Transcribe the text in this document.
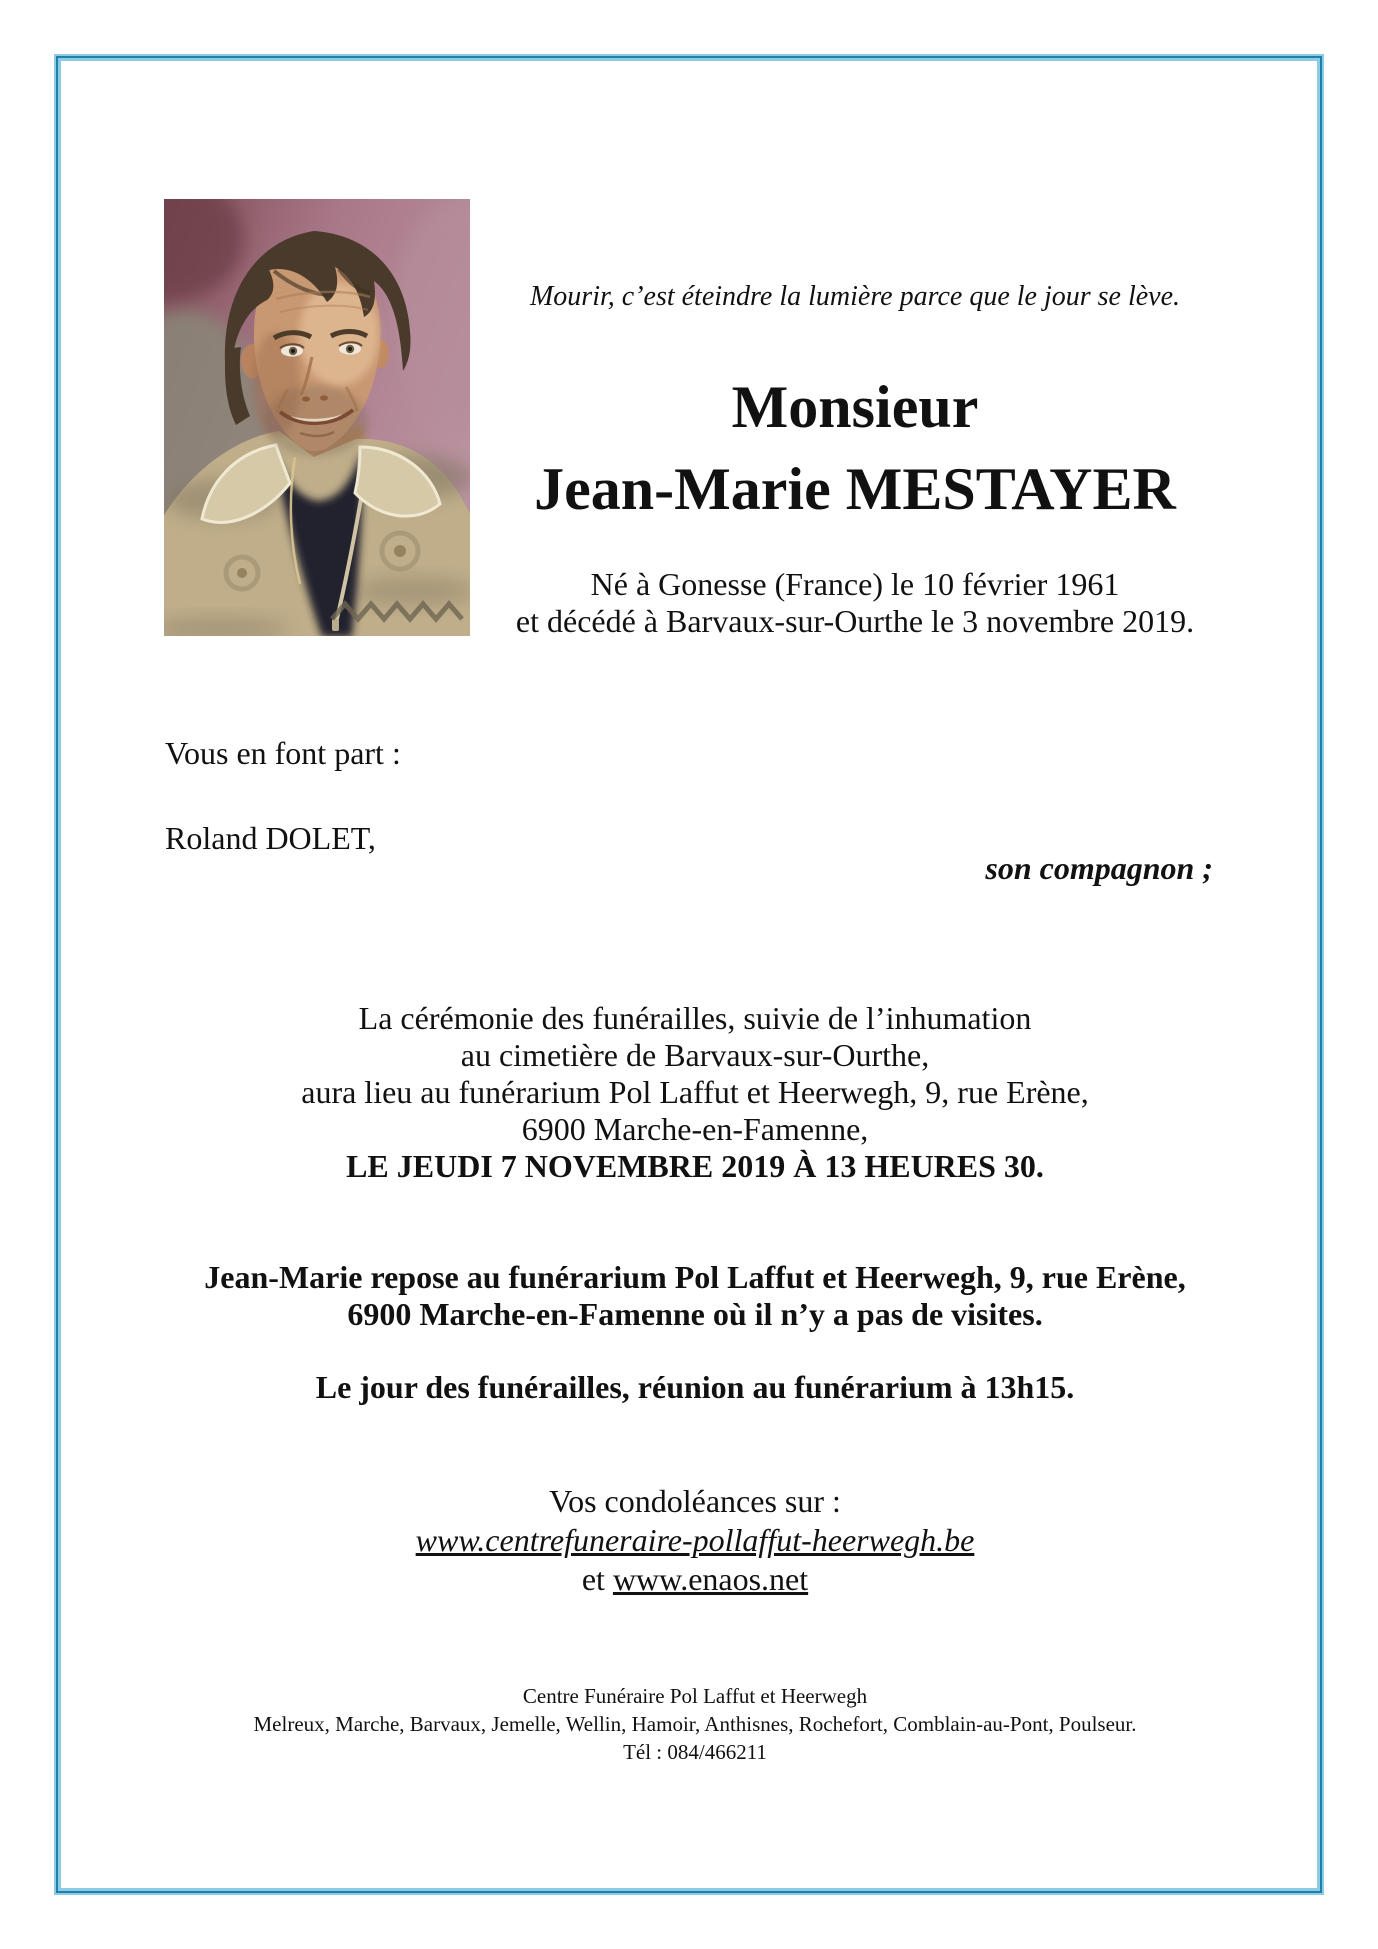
Mourir, c’est éteindre la lumière parce que le jour se lève.
Monsieur
Jean-Marie MESTAYER
Né à Gonesse (France) le 10 février 1961
et décédé à Barvaux-sur-Ourthe le 3 novembre 2019.
Vous en font part :
Roland DOLET,
son compagnon ;
La cérémonie des funérailles, suivie de l’inhumation
au cimetière de Barvaux-sur-Ourthe,
aura lieu au funérarium Pol Laffut et Heerwegh, 9, rue Erène,
6900 Marche-en-Famenne,
LE JEUDI 7 NOVEMBRE 2019 À 13 HEURES 30.
Jean-Marie repose au funérarium Pol Laffut et Heerwegh, 9, rue Erène,
6900 Marche-en-Famenne où il n’y a pas de visites.
Le jour des funérailles, réunion au funérarium à 13h15.
Vos condoléances sur :
www.centrefuneraire-pollaffut-heerwegh.be
et www.enaos.net
Centre Funéraire Pol Laffut et Heerwegh
Melreux, Marche, Barvaux, Jemelle, Wellin, Hamoir, Anthisnes, Rochefort, Comblain-au-Pont, Poulseur.
Tél : 084/466211
